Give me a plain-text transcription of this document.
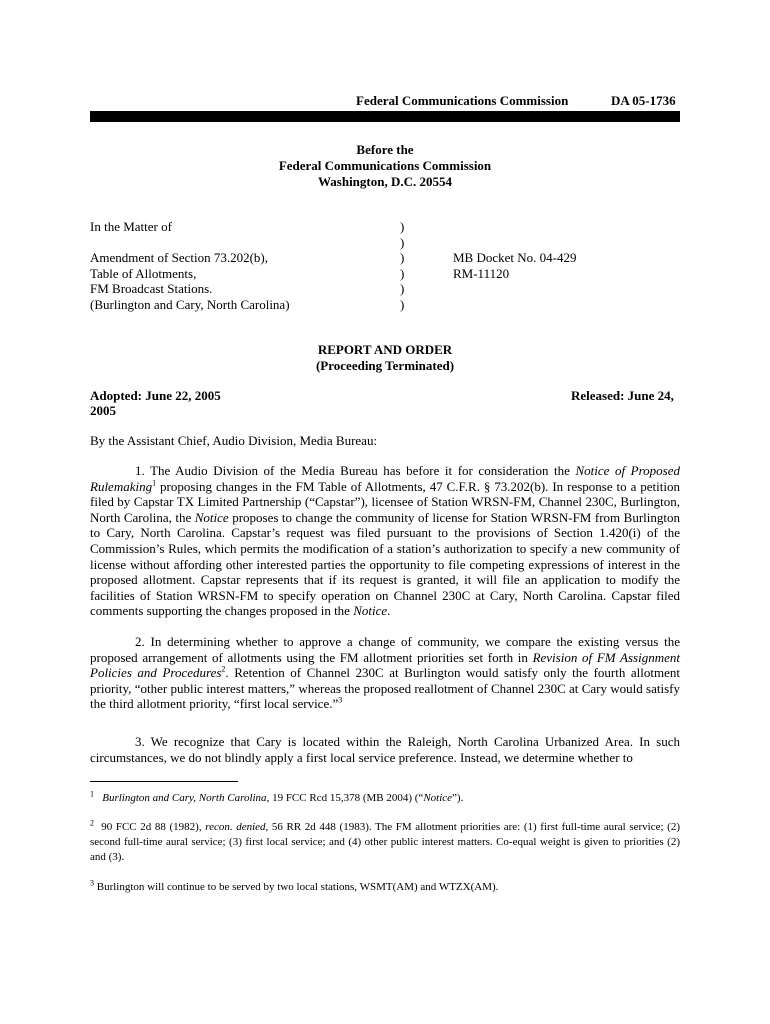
Federal Communications Commission	DA 05-1736
Before the
Federal Communications Commission
Washington, D.C. 20554
In the Matter of
Amendment of Section 73.202(b),
Table of Allotments,
FM Broadcast Stations.
(Burlington and Cary, North Carolina)
)
)
)
)
)
)
MB Docket No. 04-429
RM-11120
REPORT AND ORDER
(Proceeding Terminated)
Adopted: June 22, 2005
2005
Released: June 24,
By the Assistant Chief, Audio Division, Media Bureau:
1. The Audio Division of the Media Bureau has before it for consideration the Notice of Proposed Rulemaking$^1$ proposing changes in the FM Table of Allotments, 47 C.F.R. § 73.202(b). In response to a petition filed by Capstar TX Limited Partnership (“Capstar”), licensee of Station WRSN-FM, Channel 230C, Burlington, North Carolina, the Notice proposes to change the community of license for Station WRSN-FM from Burlington to Cary, North Carolina. Capstar’s request was filed pursuant to the provisions of Section 1.420(i) of the Commission’s Rules, which permits the modification of a station’s authorization to specify a new community of license without affording other interested parties the opportunity to file competing expressions of interest in the proposed allotment. Capstar represents that if its request is granted, it will file an application to modify the facilities of Station WRSN-FM to specify operation on Channel 230C at Cary, North Carolina. Capstar filed comments supporting the changes proposed in the Notice.
2. In determining whether to approve a change of community, we compare the existing versus the proposed arrangement of allotments using the FM allotment priorities set forth in Revision of FM Assignment Policies and Procedures$^2$. Retention of Channel 230C at Burlington would satisfy only the fourth allotment priority, “other public interest matters,” whereas the proposed reallotment of Channel 230C at Cary would satisfy the third allotment priority, “first local service.”$^3$
3. We recognize that Cary is located within the Raleigh, North Carolina Urbanized Area. In such circumstances, we do not blindly apply a first local service preference. Instead, we determine whether to
$^1$ Burlington and Cary, North Carolina, 19 FCC Rcd 15,378 (MB 2004) (“Notice”).
$^2$ 90 FCC 2d 88 (1982), recon. denied, 56 RR 2d 448 (1983). The FM allotment priorities are: (1) first full-time aural service; (2) second full-time aural service; (3) first local service; and (4) other public interest matters. Co-equal weight is given to priorities (2) and (3).
$^3$ Burlington will continue to be served by two local stations, WSMT(AM) and WTZX(AM).
